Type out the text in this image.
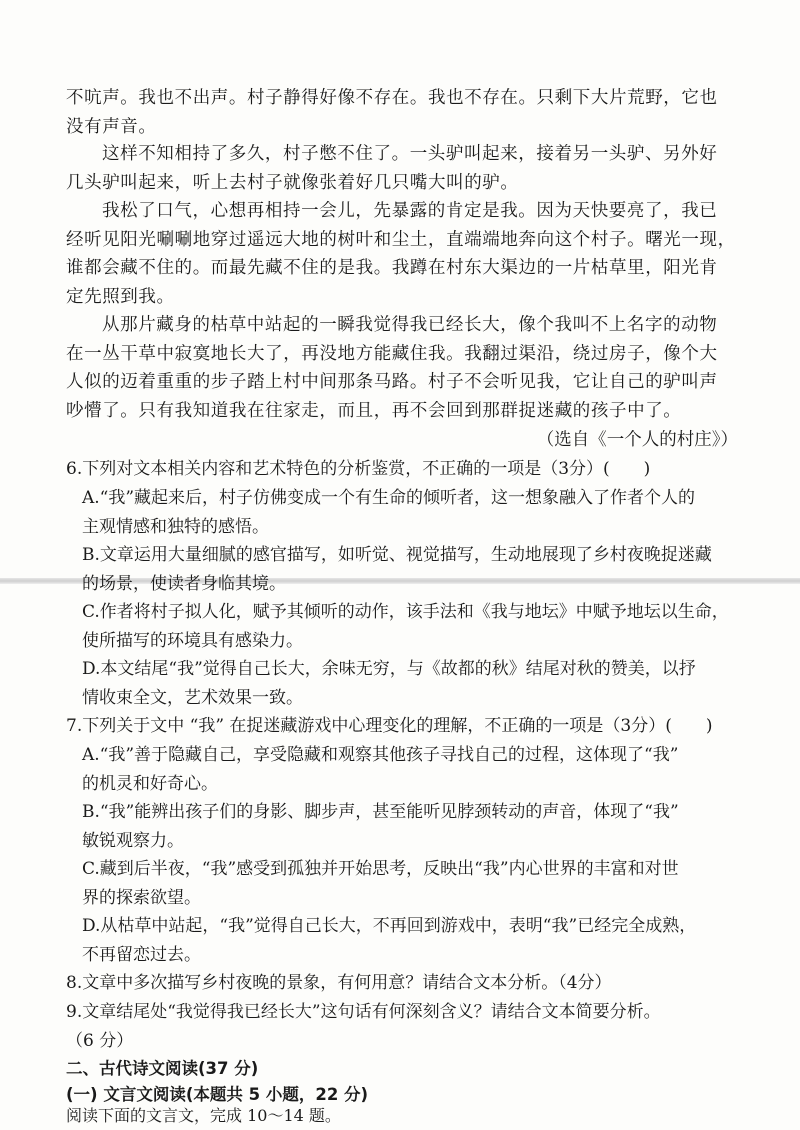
不吭声。我也不出声。村子静得好像不存在。我也不存在。只剩下大片荒野，它也
没有声音。
这样不知相持了多久，村子憋不住了。一头驴叫起来，接着另一头驴、另外好
几头驴叫起来，听上去村子就像张着好几只嘴大叫的驴。
我松了口气，心想再相持一会儿，先暴露的肯定是我。因为天快要亮了，我已
经听见阳光唰唰地穿过遥远大地的树叶和尘土，直端端地奔向这个村子。曙光一现，
谁都会藏不住的。而最先藏不住的是我。我蹲在村东大渠边的一片枯草里，阳光肯
定先照到我。
从那片藏身的枯草中站起的一瞬我觉得我已经长大，像个我叫不上名字的动物
在一丛干草中寂寞地长大了，再没地方能藏住我。我翻过渠沿，绕过房子，像个大
人似的迈着重重的步子踏上村中间那条马路。村子不会听见我，它让自己的驴叫声
吵懵了。只有我知道我在往家走，而且，再不会回到那群捉迷藏的孩子中了。
（选自《一个人的村庄》）
6.下列对文本相关内容和艺术特色的分析鉴赏，不正确的一项是（3分）(　　)
A.“我”藏起来后，村子仿佛变成一个有生命的倾听者，这一想象融入了作者个人的
主观情感和独特的感悟。
B.文章运用大量细腻的感官描写，如听觉、视觉描写，生动地展现了乡村夜晚捉迷藏
的场景，使读者身临其境。
C.作者将村子拟人化，赋予其倾听的动作，该手法和《我与地坛》中赋予地坛以生命，
使所描写的环境具有感染力。
D.本文结尾“我”觉得自己长大，余味无穷，与《故都的秋》结尾对秋的赞美，以抒
情收束全文，艺术效果一致。
7.下列关于文中 “我” 在捉迷藏游戏中心理变化的理解，不正确的一项是（3分）(　　)
A.“我”善于隐藏自己，享受隐藏和观察其他孩子寻找自己的过程，这体现了“我”
的机灵和好奇心。
B.“我”能辨出孩子们的身影、脚步声，甚至能听见脖颈转动的声音，体现了“我”
敏锐观察力。
C.藏到后半夜，“我”感受到孤独并开始思考，反映出“我”内心世界的丰富和对世
界的探索欲望。
D.从枯草中站起，“我”觉得自己长大，不再回到游戏中，表明“我”已经完全成熟，
不再留恋过去。
8.文章中多次描写乡村夜晚的景象，有何用意？请结合文本分析。（4分）
9.文章结尾处“我觉得我已经长大”这句话有何深刻含义？请结合文本简要分析。
（6 分）
二、古代诗文阅读(37 分)
(一) 文言文阅读(本题共 5 小题，22 分)
阅读下面的文言文，完成 10～14 题。
